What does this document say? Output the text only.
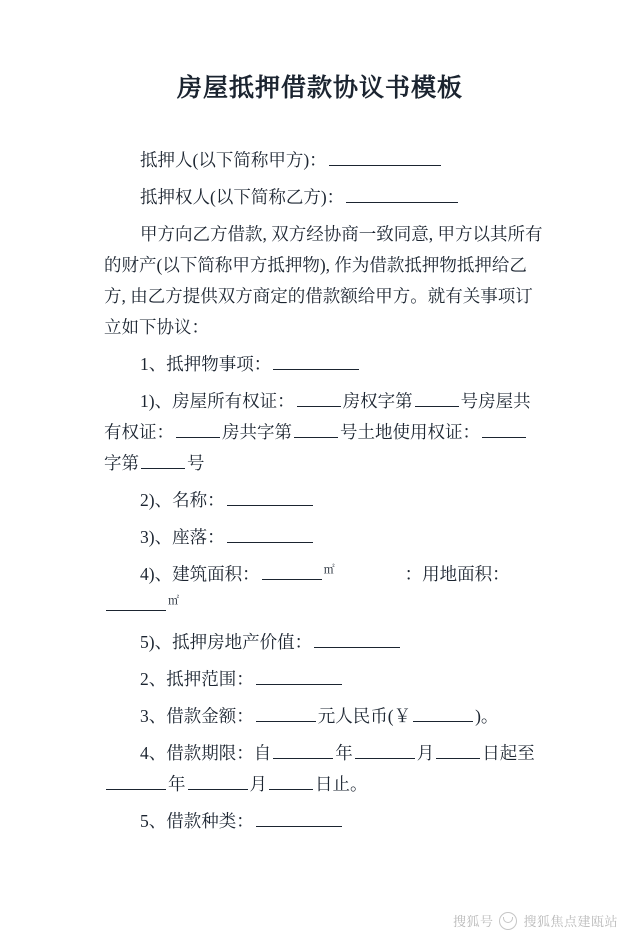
房屋抵押借款协议书模板

抵押人(以下简称甲方)：

抵押权人(以下简称乙方)：

甲方向乙方借款, 双方经协商一致同意, 甲方以其所有的财产(以下简称甲方抵押物), 作为借款抵押物抵押给乙方, 由乙方提供双方商定的借款额给甲方。就有关事项订立如下协议：

1、抵押物事项：

1)、房屋所有权证：	房权字第	号房屋共有权证：	房共字第	号土地使用权证：字第	号

2)、名称：

3)、座落：

4)、建筑面积：	㎡　　　　：用地面积：㎡

5)、抵押房地产价值：

2、抵押范围：

3、借款金额：	元人民币(￥	)。

4、借款期限：自	年	月	日起至年	月	日止。

5、借款种类：

搜狐号 搜狐焦点建瓯站
